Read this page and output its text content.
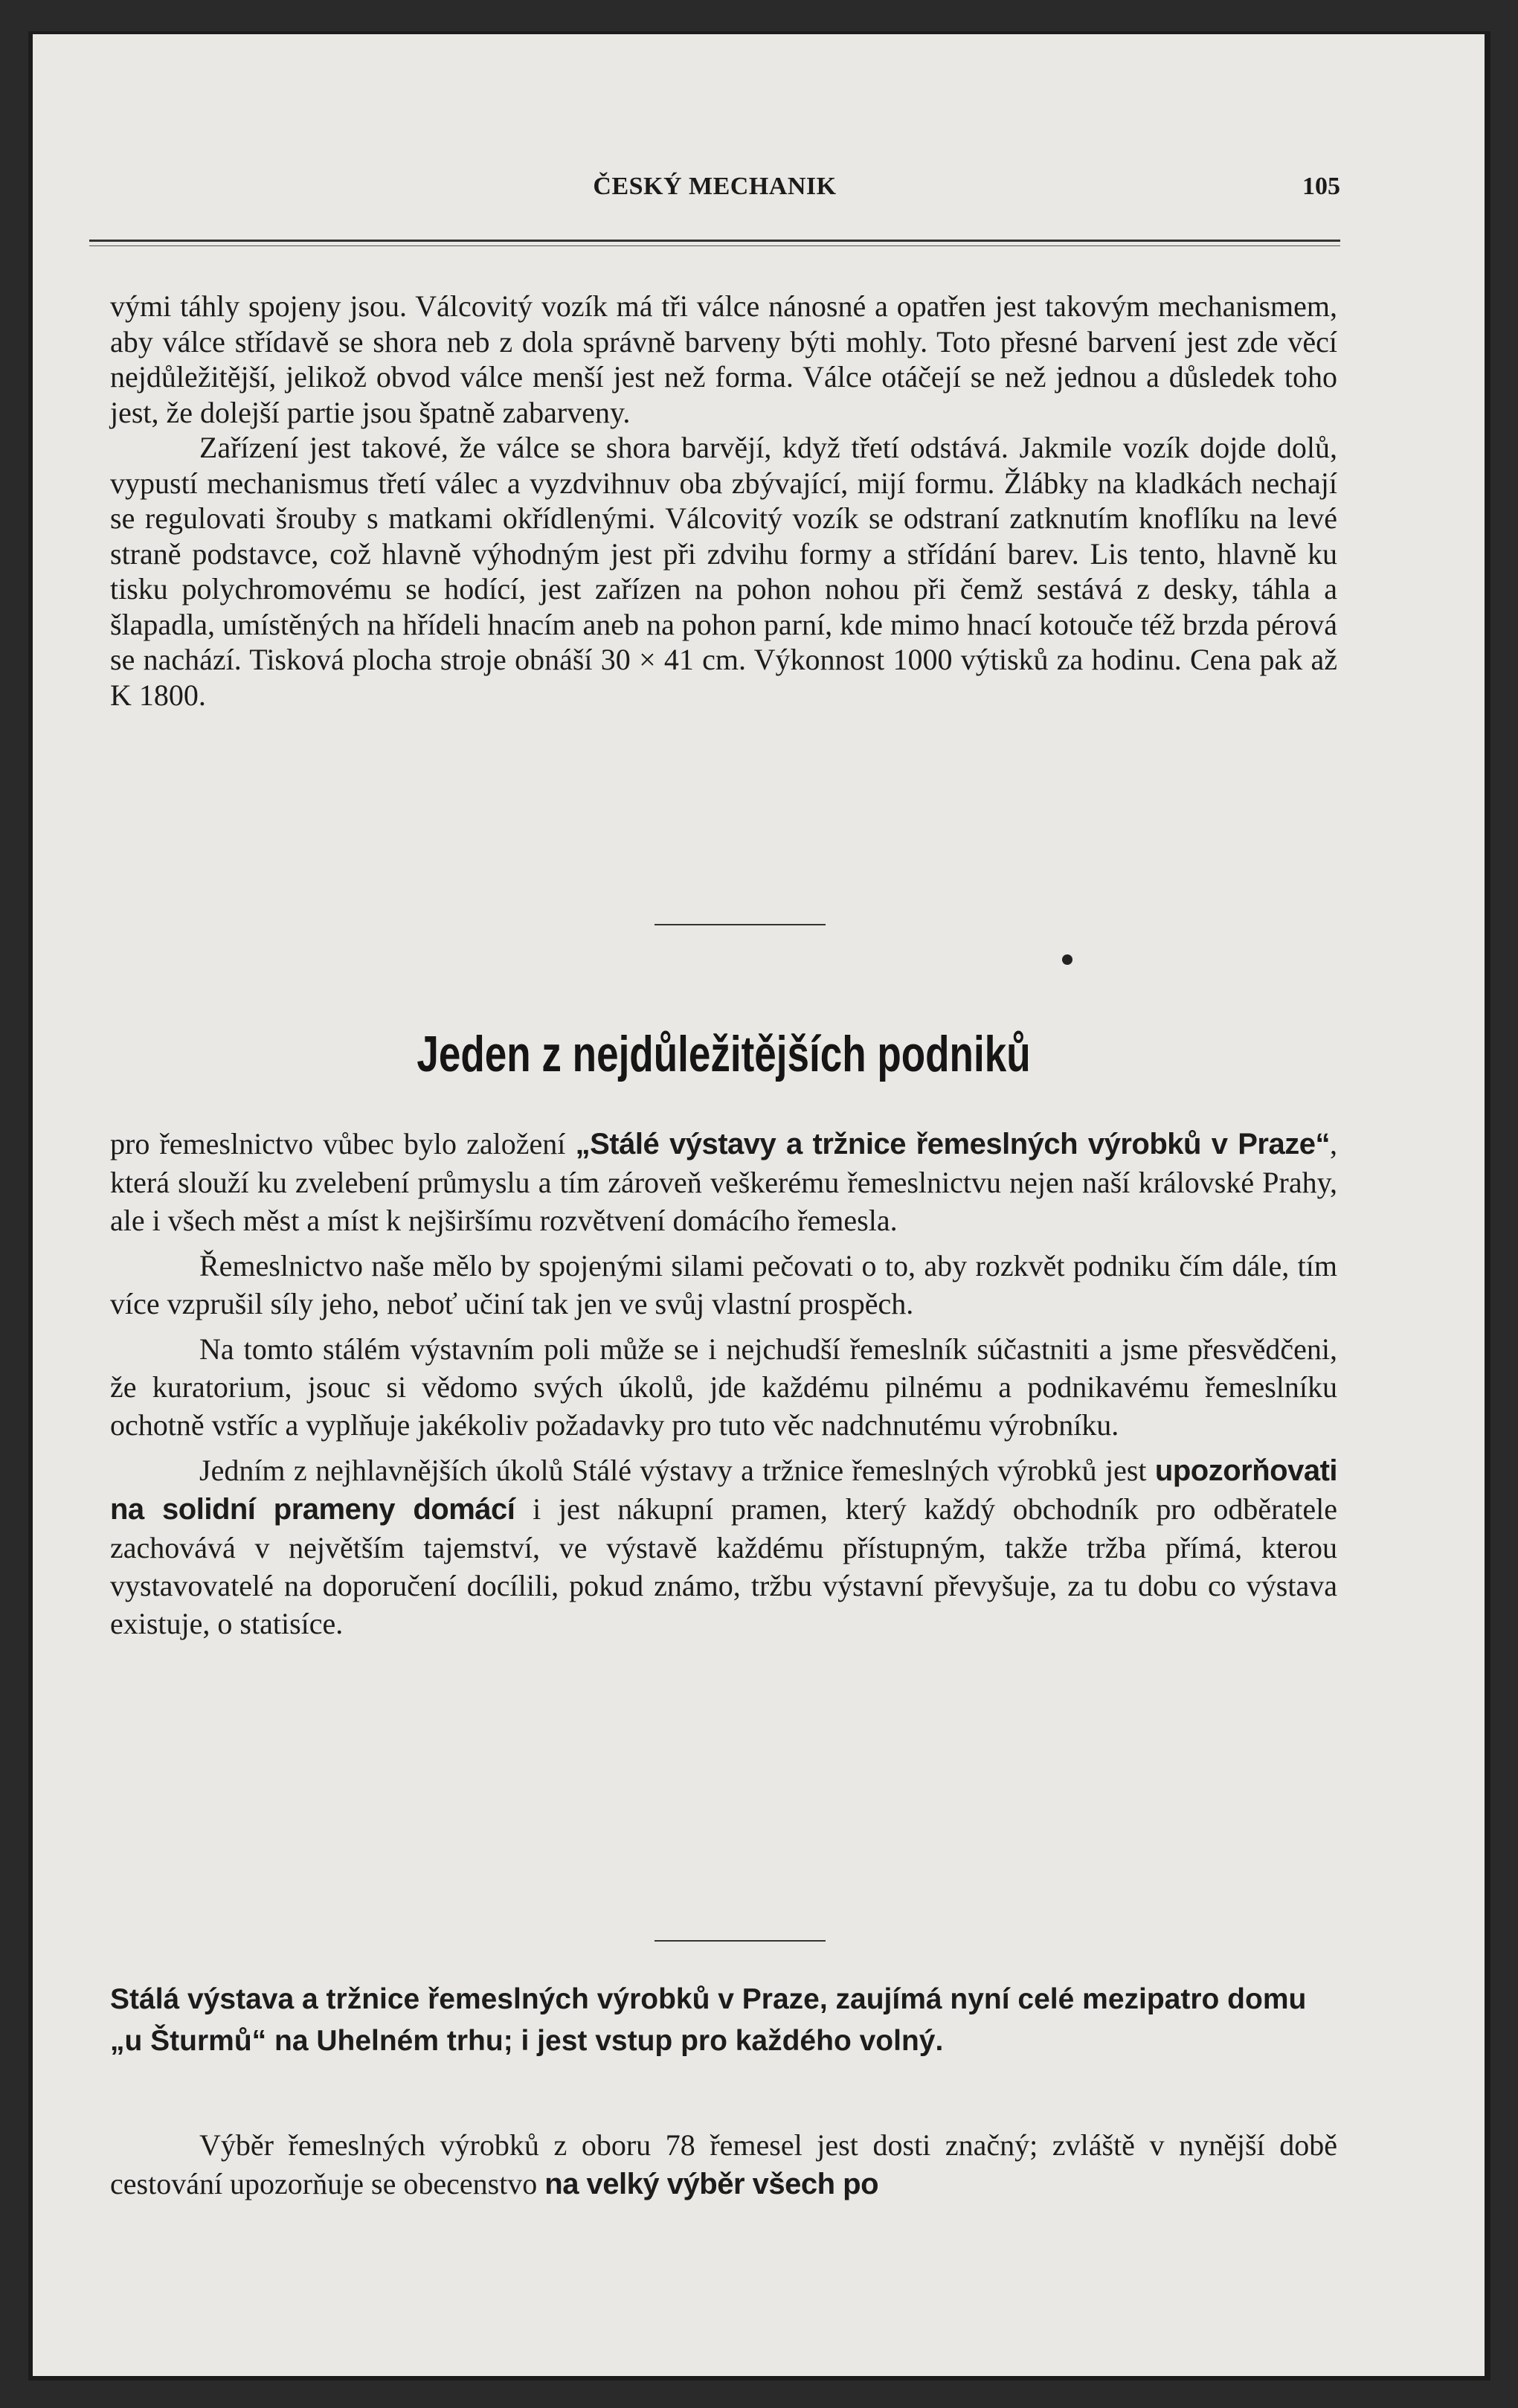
ČESKÝ MECHANIK	105

vými táhly spojeny jsou. Válcovitý vozík má tři válce nánosné a opatřen jest takovým mechanismem, aby válce střídavě se shora neb z dola správně barveny býti mohly. Toto přesné barvení jest zde věcí nejdůležitější, jelikož obvod válce menší jest než forma. Válce otáčejí se než jednou a důsledek toho jest, že dolejší partie jsou špatně zabarveny.

Zařízení jest takové, že válce se shora barvějí, když třetí odstává. Jakmile vozík dojde dolů, vypustí mechanismus třetí válec a vyzdvihnuv oba zbývající, mijí formu. Žlábky na kladkách nechají se regulovati šrouby s matkami okřídlenými. Válcovitý vozík se odstraní zatknutím knoflíku na levé straně podstavce, což hlavně výhodným jest při zdvihu formy a střídání barev. Lis tento, hlavně ku tisku polychromovému se hodící, jest zařízen na pohon nohou při čemž sestává z desky, táhla a šlapadla, umístěných na hřídeli hnacím aneb na pohon parní, kde mimo hnací kotouče též brzda pérová se nachází. Tisková plocha stroje obnáší 30 × 41 cm. Výkonnost 1000 výtisků za hodinu. Cena pak až K 1800.

Jeden z nejdůležitějších podniků

pro řemeslnictvo vůbec bylo založení „Stálé výstavy a tržnice řemeslných výrobků v Praze“, která slouží ku zvelebení průmyslu a tím zároveň veškerému řemeslnictvu nejen naší královské Prahy, ale i všech měst a míst k nejširšímu rozvětvení domácího řemesla.

Řemeslnictvo naše mělo by spojenými silami pečovati o to, aby rozkvět podniku čím dále, tím více vzprušil síly jeho, neboť učiní tak jen ve svůj vlastní prospěch.

Na tomto stálém výstavním poli může se i nejchudší řemeslník súčastniti a jsme přesvědčeni, že kuratorium, jsouc si vědomo svých úkolů, jde každému pilnému a podnikavému řemeslníku ochotně vstříc a vyplňuje jakékoliv požadavky pro tuto věc nadchnutému výrobníku.

Jedním z nejhlavnějších úkolů Stálé výstavy a tržnice řemeslných výrobků jest upozorňovati na solidní prameny domácí i jest nákupní pramen, který každý obchodník pro odběratele zachovává v největším tajemství, ve výstavě každému přístupným, takže tržba přímá, kterou vystavovatelé na doporučení docílili, pokud známo, tržbu výstavní převyšuje, za tu dobu co výstava existuje, o statisíce.

Stálá výstava a tržnice řemeslných výrobků v Praze, zaujímá nyní celé mezipatro domu „u Šturmů“ na Uhelném trhu; i jest vstup pro každého volný.
Výběr řemeslných výrobků z oboru 78 řemesel jest dosti značný; zvláště v nynější době cestování upozorňuje se obecenstvo na velký výběr všech po
